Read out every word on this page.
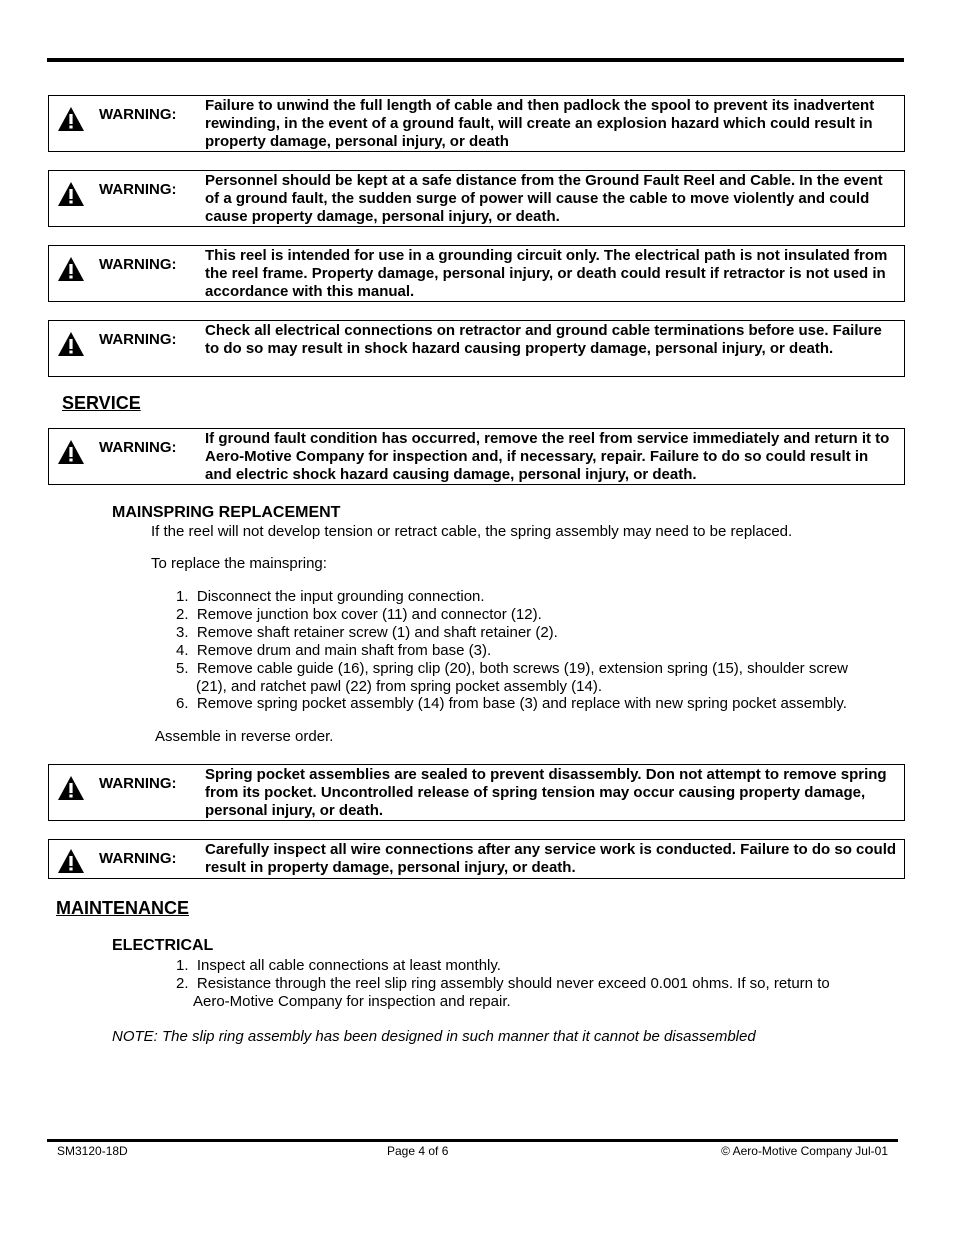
WARNING:
Failure to unwind the full length of cable and then padlock the spool to prevent its inadvertent rewinding, in the event of a ground fault, will create an explosion hazard which could result in property damage, personal injury, or death
WARNING:
Personnel should be kept at a safe distance from the Ground Fault Reel and Cable. In the event of a ground fault, the sudden surge of power will cause the cable to move violently and could cause property damage, personal injury, or death.
WARNING:
This reel is intended for use in a grounding circuit only. The electrical path is not insulated from the reel frame. Property damage, personal injury, or death could result if retractor is not used in accordance with this manual.
WARNING:
Check all electrical connections on retractor and ground cable terminations before use. Failure to do so may result in shock hazard causing property damage, personal injury, or death.
SERVICE
WARNING:
If ground fault condition has occurred, remove the reel from service immediately and return it to Aero-Motive Company for inspection and, if necessary, repair. Failure to do so could result in and electric shock hazard causing damage, personal injury, or death.
MAINSPRING REPLACEMENT
If the reel will not develop tension or retract cable, the spring assembly may need to be replaced.
To replace the mainspring:
1. Disconnect the input grounding connection.
2. Remove junction box cover (11) and connector (12).
3. Remove shaft retainer screw (1) and shaft retainer (2).
4. Remove drum and main shaft from base (3).
5. Remove cable guide (16), spring clip (20), both screws (19), extension spring (15), shoulder screw
(21), and ratchet pawl (22) from spring pocket assembly (14).
6. Remove spring pocket assembly (14) from base (3) and replace with new spring pocket assembly.
Assemble in reverse order.
WARNING:
Spring pocket assemblies are sealed to prevent disassembly. Don not attempt to remove spring from its pocket. Uncontrolled release of spring tension may occur causing property damage, personal injury, or death.
WARNING:
Carefully inspect all wire connections after any service work is conducted. Failure to do so could result in property damage, personal injury, or death.
MAINTENANCE
ELECTRICAL
1. Inspect all cable connections at least monthly.
2. Resistance through the reel slip ring assembly should never exceed 0.001 ohms. If so, return to
Aero-Motive Company for inspection and repair.
NOTE: The slip ring assembly has been designed in such manner that it cannot be disassembled
SM3120-18D	Page 4 of 6	© Aero-Motive Company Jul-01
